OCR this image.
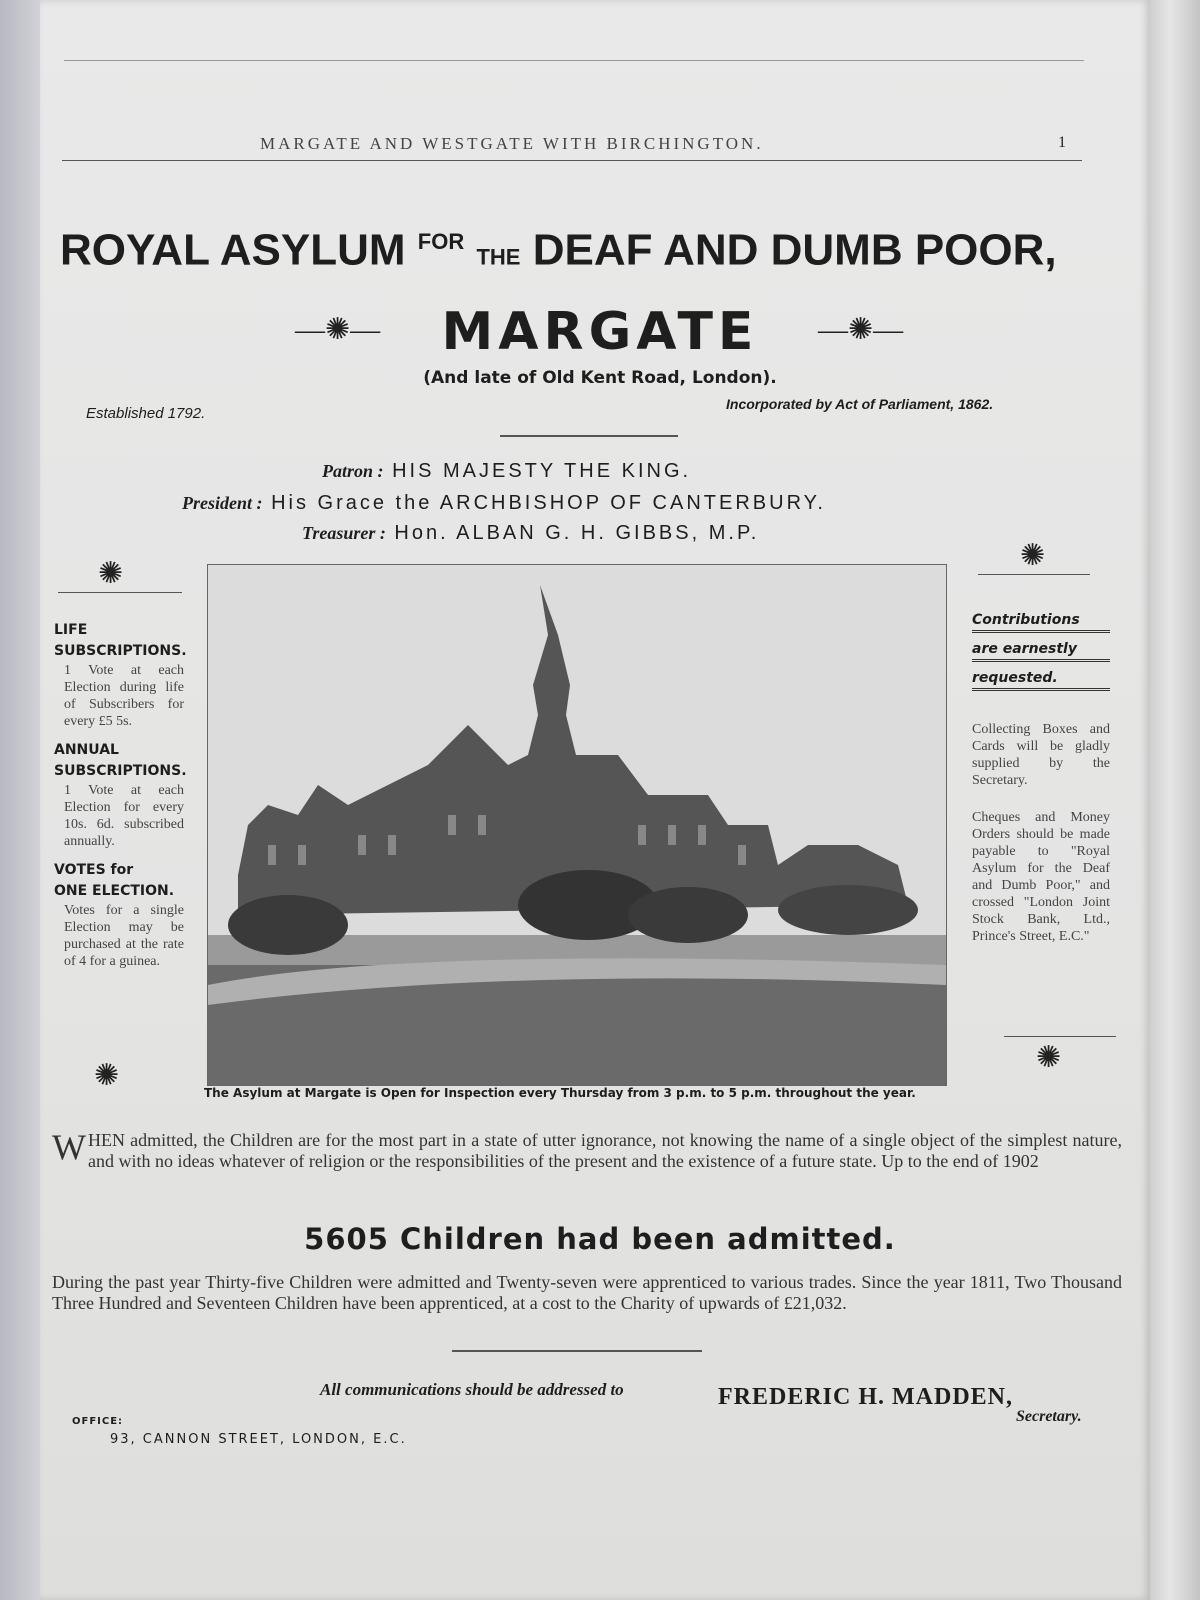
MARGATE AND WESTGATE WITH BIRCHINGTON.	1
ROYAL ASYLUM $^{FOR}$ THE DEAF AND DUMB POOR,
—✺—	—✺—
MARGATE
(And late of Old Kent Road, London).
Established 1792.
Incorporated by Act of Parliament, 1862.
Patron : HIS MAJESTY THE KING.
President : His Grace the ARCHBISHOP OF CANTERBURY.
Treasurer : Hon. ALBAN G. H. GIBBS, M.P.
✺
LIFE
SUBSCRIPTIONS.

1 Vote at each Election during life of Subscribers for every £5 5s.

ANNUAL
SUBSCRIPTIONS.

1 Vote at each Election for every 10s. 6d. subscribed annually.

VOTES for
ONE ELECTION.

Votes for a single Election may be purchased at the rate of 4 for a guinea.

✺
✺
Contributions
are earnestly
requested.

Collecting Boxes and Cards will be gladly supplied by the Secretary.

Cheques and Money Orders should be made payable to "Royal Asylum for the Deaf and Dumb Poor," and crossed "London Joint Stock Bank, Ltd., Prince's Street, E.C."

✺
The Asylum at Margate is Open for Inspection every Thursday from 3 p.m. to 5 p.m. throughout the year.
WHEN admitted, the Children are for the most part in a state of utter ignorance, not knowing the name of a single object of the simplest nature, and with no ideas whatever of religion or the responsibilities of the present and the existence of a future state. Up to the end of 1902
5605 Children had been admitted.
During the past year Thirty-five Children were admitted and Twenty-seven were apprenticed to various trades. Since the year 1811, Two Thousand Three Hundred and Seventeen Children have been apprenticed, at a cost to the Charity of upwards of £21,032.
All communications should be addressed to	FREDERIC H. MADDEN,
Secretary.
OFFICE:
93, CANNON STREET, LONDON, E.C.
